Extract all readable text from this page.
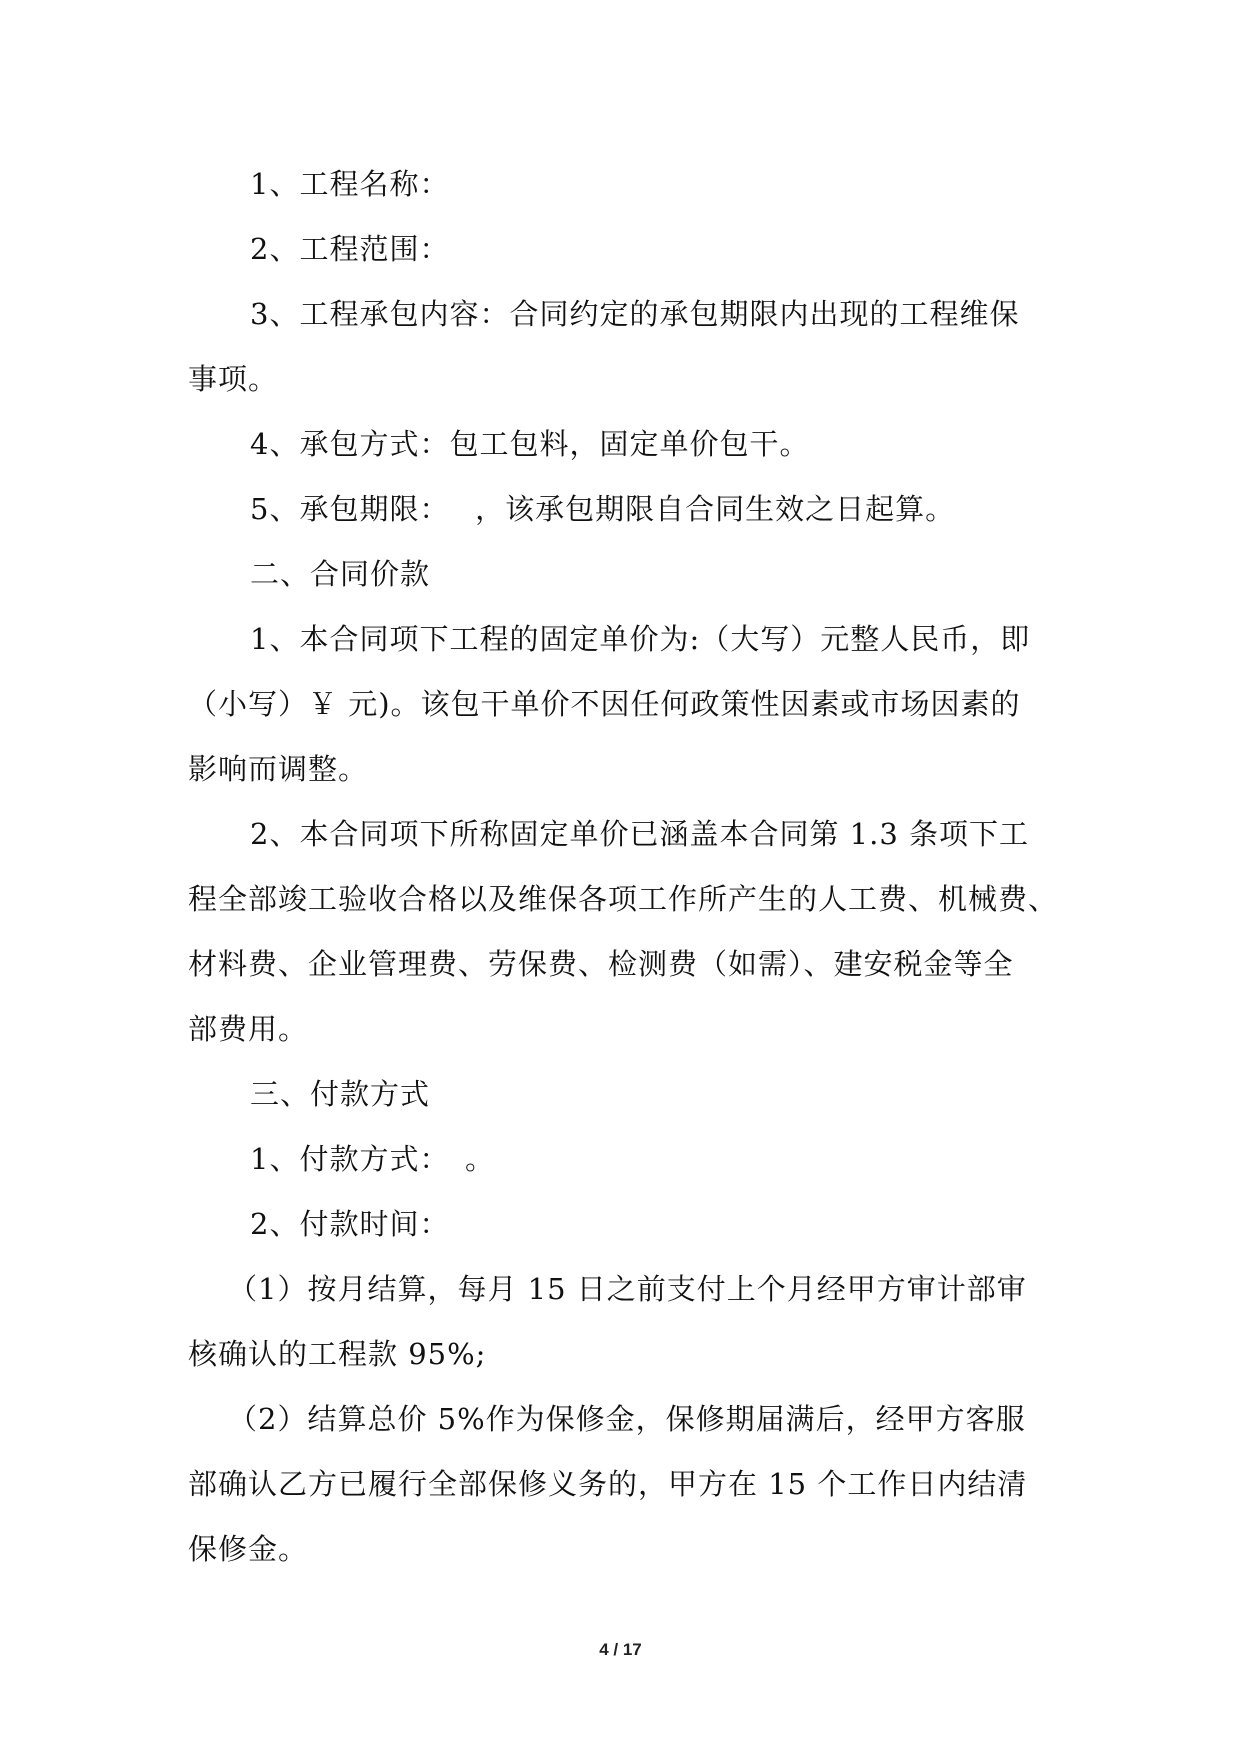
1、工程名称：
2、工程范围：
3、工程承包内容：合同约定的承包期限内出现的工程维保
事项。
4、承包方式：包工包料，固定单价包干。
5、承包期限：　 ，该承包期限自合同生效之日起算。
二、合同价款
1、本合同项下工程的固定单价为:（大写）元整人民币，即
（小写）￥ 元)。该包干单价不因任何政策性因素或市场因素的
影响而调整。
2、本合同项下所称固定单价已涵盖本合同第 1.3 条项下工
程全部竣工验收合格以及维保各项工作所产生的人工费、机械费、
材料费、企业管理费、劳保费、检测费（如需）、建安税金等全
部费用。
三、付款方式
1、付款方式：　。
2、付款时间：
（1）按月结算，每月 15 日之前支付上个月经甲方审计部审
核确认的工程款 95%;
（2）结算总价 5%作为保修金，保修期届满后，经甲方客服
部确认乙方已履行全部保修义务的，甲方在 15 个工作日内结清
保修金。
4 / 17
